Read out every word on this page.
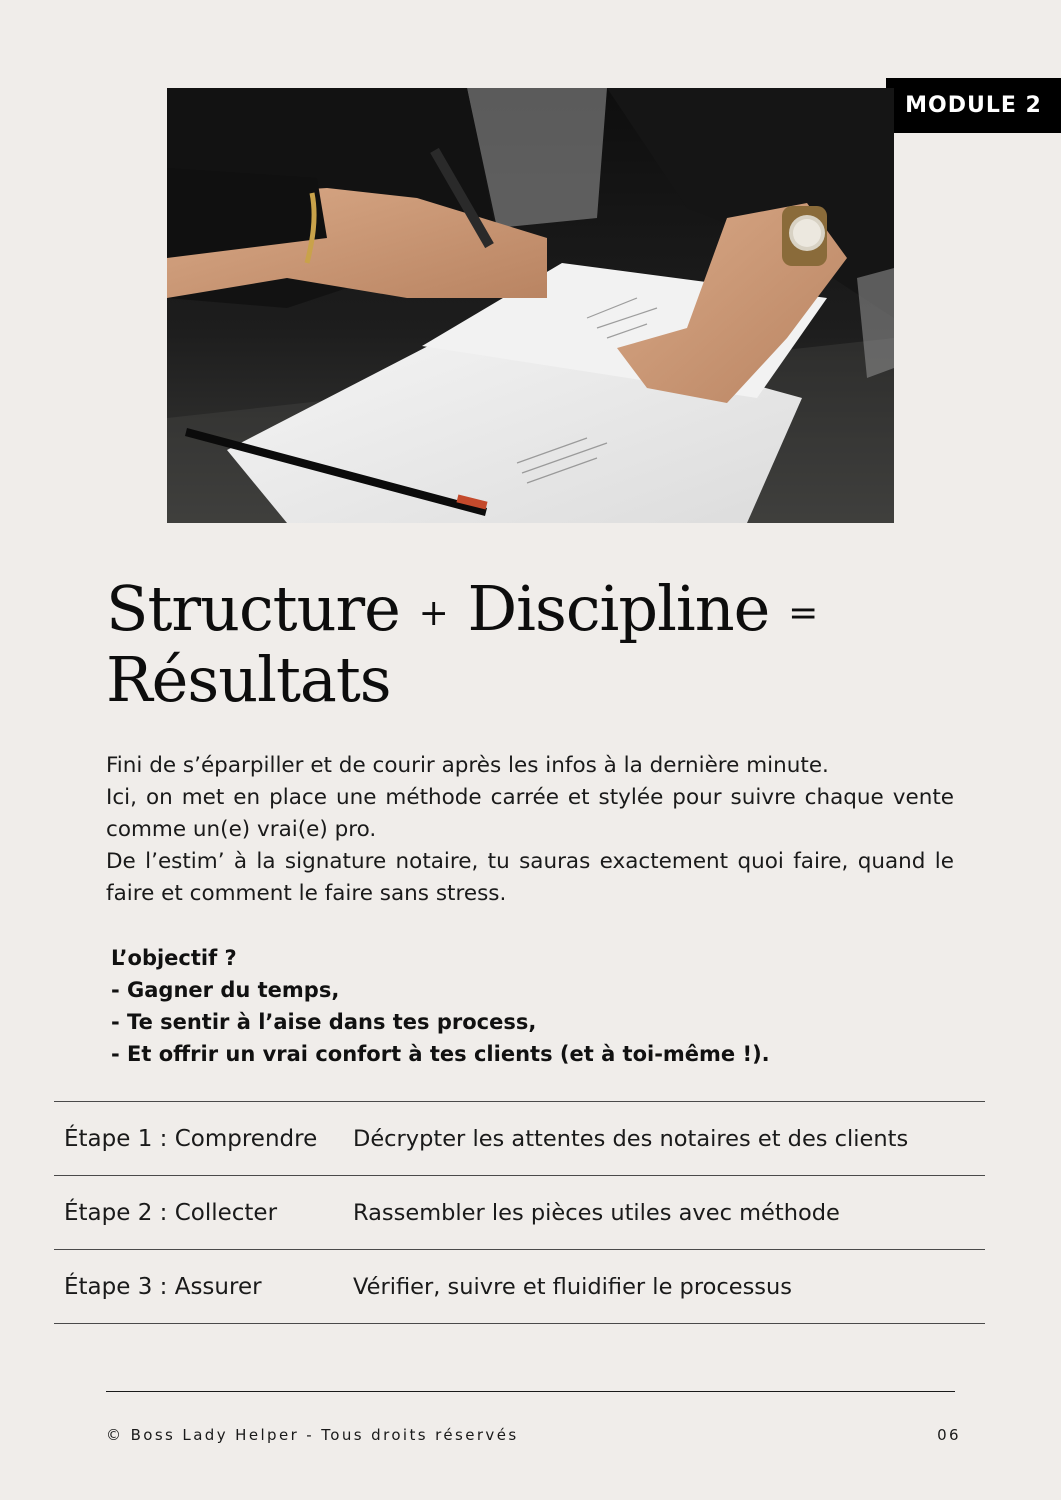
MODULE 2
Structure + Discipline =
Résultats

Fini de s’éparpiller et de courir après les infos à la dernière minute.

Ici, on met en place une méthode carrée et stylée pour suivre chaque vente comme un(e) vrai(e) pro.

De l’estim’ à la signature notaire, tu sauras exactement quoi faire, quand le faire et comment le faire sans stress.

L’objectif ?
- Gagner du temps,
- Te sentir à l’aise dans tes process,
- Et offrir un vrai confort à tes clients (et à toi-même !).
Étape 1 : Comprendre	Décrypter les attentes des notaires et des clients
Étape 2 : Collecter	Rassembler les pièces utiles avec méthode
Étape 3 : Assurer	Vérifier, suivre et fluidifier le processus
© Boss Lady Helper - Tous droits réservés	06
